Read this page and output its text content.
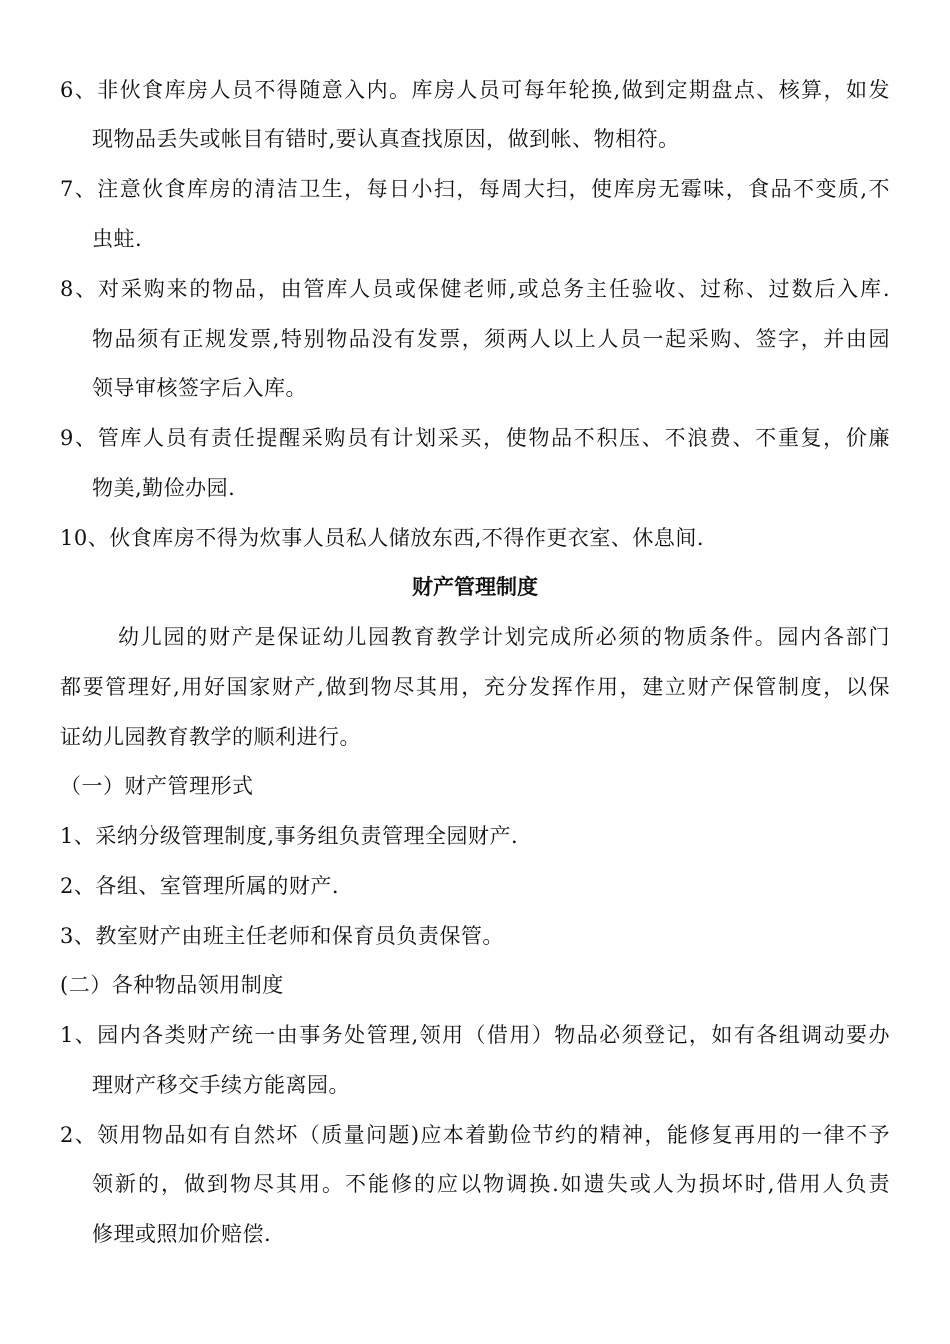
6、非伙食库房人员不得随意入内。库房人员可每年轮换,做到定期盘点、核算，如发
现物品丢失或帐目有错时,要认真查找原因，做到帐、物相符。
7、注意伙食库房的清洁卫生，每日小扫，每周大扫，使库房无霉味，食品不变质,不
虫蛀.
8、对采购来的物品，由管库人员或保健老师,或总务主任验收、过称、过数后入库.
物品须有正规发票,特别物品没有发票，须两人以上人员一起采购、签字，并由园
领导审核签字后入库。
9、管库人员有责任提醒采购员有计划采买，使物品不积压、不浪费、不重复，价廉
物美,勤俭办园.
10、伙食库房不得为炊事人员私人储放东西,不得作更衣室、休息间.
财产管理制度
幼儿园的财产是保证幼儿园教育教学计划完成所必须的物质条件。园内各部门
都要管理好,用好国家财产,做到物尽其用，充分发挥作用，建立财产保管制度，以保
证幼儿园教育教学的顺利进行。
（一）财产管理形式
1、采纳分级管理制度,事务组负责管理全园财产.
2、各组、室管理所属的财产.
3、教室财产由班主任老师和保育员负责保管。
(二）各种物品领用制度
1、园内各类财产统一由事务处管理,领用（借用）物品必须登记，如有各组调动要办
理财产移交手续方能离园。
2、领用物品如有自然坏（质量问题)应本着勤俭节约的精神，能修复再用的一律不予
领新的，做到物尽其用。不能修的应以物调换.如遗失或人为损坏时,借用人负责
修理或照加价赔偿.
